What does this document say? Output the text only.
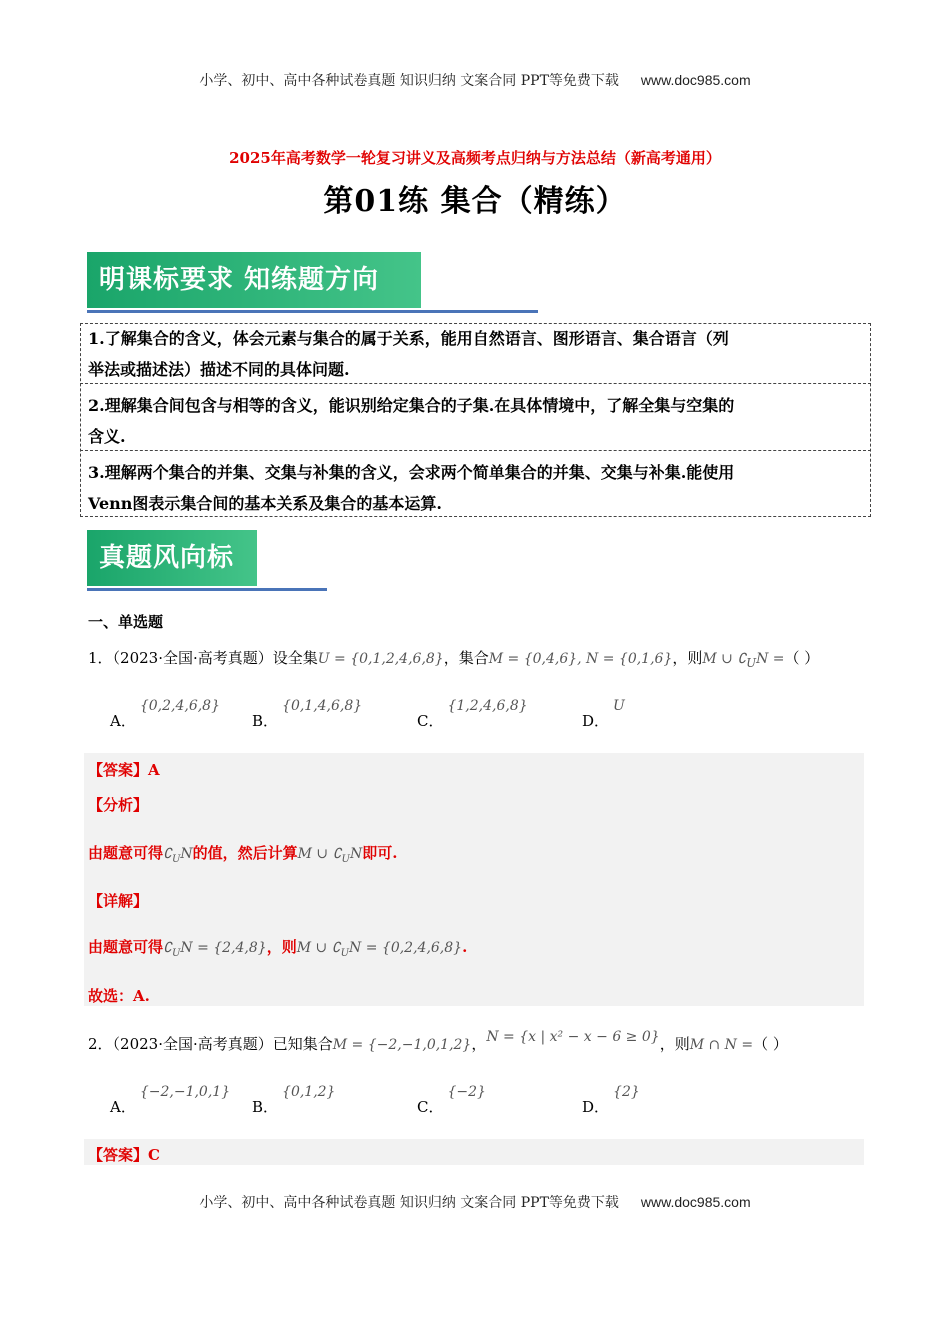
小学、初中、高中各种试卷真题 知识归纳 文案合同 PPT等免费下载 www.doc985.com
2025年高考数学一轮复习讲义及高频考点归纳与方法总结（新高考通用）
第01练 集合（精练）
明课标要求 知练题方向
1.了解集合的含义，体会元素与集合的属于关系，能用自然语言、图形语言、集合语言（列
举法或描述法）描述不同的具体问题.
2.理解集合间包含与相等的含义，能识别给定集合的子集.在具体情境中，了解全集与空集的
含义.
3.理解两个集合的并集、交集与补集的含义，会求两个简单集合的并集、交集与补集.能使用
Venn图表示集合间的基本关系及集合的基本运算.
真题风向标
一、单选题
1．（2023·全国·高考真题）设全集U = {0,1,2,4,6,8}，集合M = {0,4,6}, N = {0,1,6}，则M ∪ $∁_UN$ =（ ）
A．{0,2,4,6,8}
B．{0,1,4,6,8}
C．{1,2,4,6,8}
D．U
【答案】A
【分析】
由题意可得$∁_UN$的值，然后计算M ∪ $∁_UN$即可.
【详解】
由题意可得$∁_UN = \{2,4,8\}$，则M ∪ $∁_UN = \{0,2,4,6,8\}$.
故选：A.
2．（2023·全国·高考真题）已知集合M = {−2,−1,0,1,2}，N = {x | x² − x − 6 ≥ 0}，则M ∩ N =（ ）
A．{−2,−1,0,1}
B．{0,1,2}
C．{−2}
D．{2}
【答案】C
小学、初中、高中各种试卷真题 知识归纳 文案合同 PPT等免费下载 www.doc985.com
